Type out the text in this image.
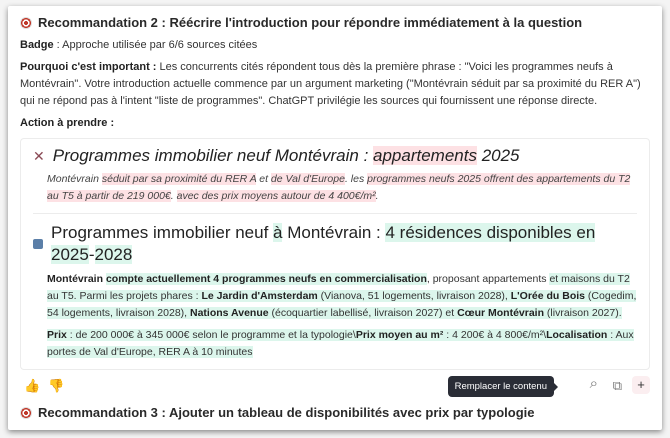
Recommandation 2 : Réécrire l'introduction pour répondre immédiatement à la question
Badge : Approche utilisée par 6/6 sources citées
Pourquoi c'est important : Les concurrents cités répondent tous dès la première phrase : "Voici les programmes neufs à Montévrain". Votre introduction actuelle commence par un argument marketing ("Montévrain séduit par sa proximité du RER A") qui ne répond pas à l'intent "liste de programmes". ChatGPT privilégie les sources qui fournissent une réponse directe.
Action à prendre :
✕ Programmes immobilier neuf Montévrain : appartements 2025
Montévrain séduit par sa proximité du RER A et de Val d'Europe. les programmes neufs 2025 offrent des appartements du T2 au T5 à partir de 219 000€. avec des prix moyens autour de 4 400€/m².
Programmes immobilier neuf à Montévrain : 4 résidences disponibles en 2025-2028
Montévrain compte actuellement 4 programmes neufs en commercialisation, proposant appartements et maisons du T2 au T5. Parmi les projets phares : Le Jardin d'Amsterdam (Vianova, 51 logements, livraison 2028), L'Orée du Bois (Cogedim, 54 logements, livraison 2028), Nations Avenue (écoquartier labellisé, livraison 2027) et Cœur Montévrain (livraison 2027).
Prix : de 200 000€ à 345 000€ selon le programme et la typologie\Prix moyen au m² : 4 200€ à 4 800€/m²\Localisation : Aux portes de Val d'Europe, RER A à 10 minutes
👍 👎	Remplacer le contenu	⌕ ⧉	+
Recommandation 3 : Ajouter un tableau de disponibilités avec prix par typologie
